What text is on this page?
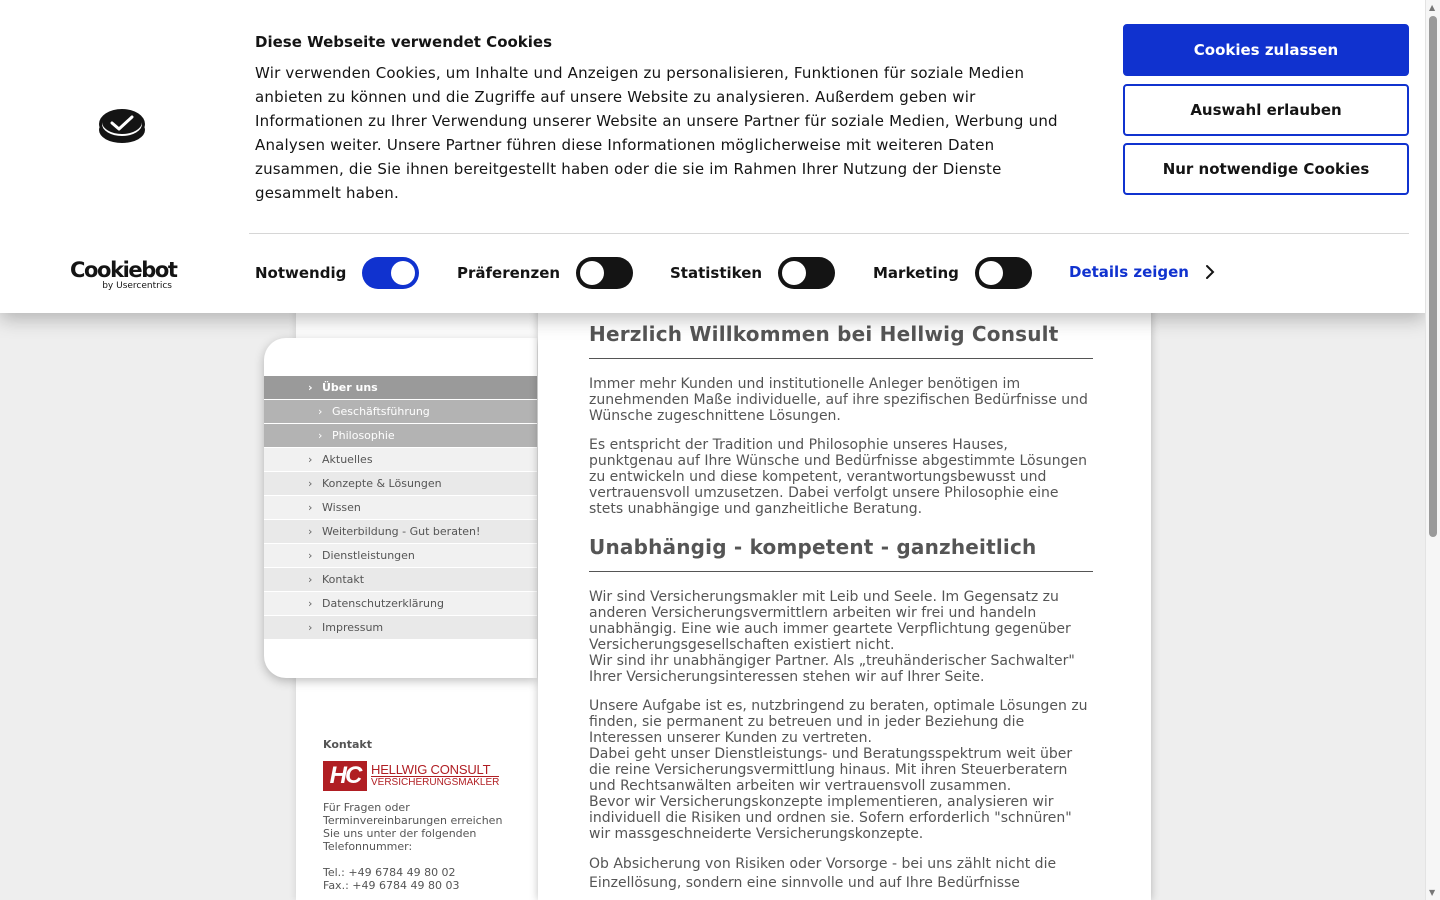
› Über uns
› Geschäftsführung
› Philosophie
› Aktuelles
› Konzepte & Lösungen
› Wissen
› Weiterbildung - Gut beraten!
› Dienstleistungen
› Kontakt
› Datenschutzerklärung
› Impressum
Kontakt
HC HELLWIG CONSULT
VERSICHERUNGSMAKLER
Für Fragen oder Terminvereinbarungen erreichen Sie uns unter der folgenden Telefonnummer:
Tel.: +49 6784 49 80 02
Fax.: +49 6784 49 80 03
Herzlich Willkommen bei Hellwig Consult

Immer mehr Kunden und institutionelle Anleger benötigen im zunehmenden Maße individuelle, auf ihre spezifischen Bedürfnisse und Wünsche zugeschnittene Lösungen.

Es entspricht der Tradition und Philosophie unseres Hauses, punktgenau auf Ihre Wünsche und Bedürfnisse abgestimmte Lösungen zu entwickeln und diese kompetent, verantwortungsbewusst und vertrauensvoll umzusetzen. Dabei verfolgt unsere Philosophie eine stets unabhängige und ganzheitliche Beratung.

Unabhängig - kompetent - ganzheitlich

Wir sind Versicherungsmakler mit Leib und Seele. Im Gegensatz zu anderen Versicherungsvermittlern arbeiten wir frei und handeln unabhängig. Eine wie auch immer geartete Verpflichtung gegenüber Versicherungsgesellschaften existiert nicht.
Wir sind ihr unabhängiger Partner. Als „treuhänderischer Sachwalter" Ihrer Versicherungsinteressen stehen wir auf Ihrer Seite.

Unsere Aufgabe ist es, nutzbringend zu beraten, optimale Lösungen zu finden, sie permanent zu betreuen und in jeder Beziehung die Interessen unserer Kunden zu vertreten.
Dabei geht unser Dienstleistungs- und Beratungsspektrum weit über die reine Versicherungsvermittlung hinaus. Mit ihren Steuerberatern und Rechtsanwälten arbeiten wir vertrauensvoll zusammen.
Bevor wir Versicherungskonzepte implementieren, analysieren wir individuell die Risiken und ordnen sie. Sofern erforderlich "schnüren" wir massgeschneiderte Versicherungskonzepte.

Ob Absicherung von Risiken oder Vorsorge - bei uns zählt nicht die Einzellösung, sondern eine sinnvolle und auf Ihre Bedürfnisse

Diese Webseite verwendet Cookies
Wir verwenden Cookies, um Inhalte und Anzeigen zu personalisieren, Funktionen für soziale Medien anbieten zu können und die Zugriffe auf unsere Website zu analysieren. Außerdem geben wir Informationen zu Ihrer Verwendung unserer Website an unsere Partner für soziale Medien, Werbung und Analysen weiter. Unsere Partner führen diese Informationen möglicherweise mit weiteren Daten zusammen, die Sie ihnen bereitgestellt haben oder die sie im Rahmen Ihrer Nutzung der Dienste gesammelt haben.
Cookies zulassen
Auswahl erlauben
Nur notwendige Cookies
Cookiebot
by Usercentrics
Notwendig	Präferenzen	Statistiken	Marketing	Details zeigen
▲
▼
